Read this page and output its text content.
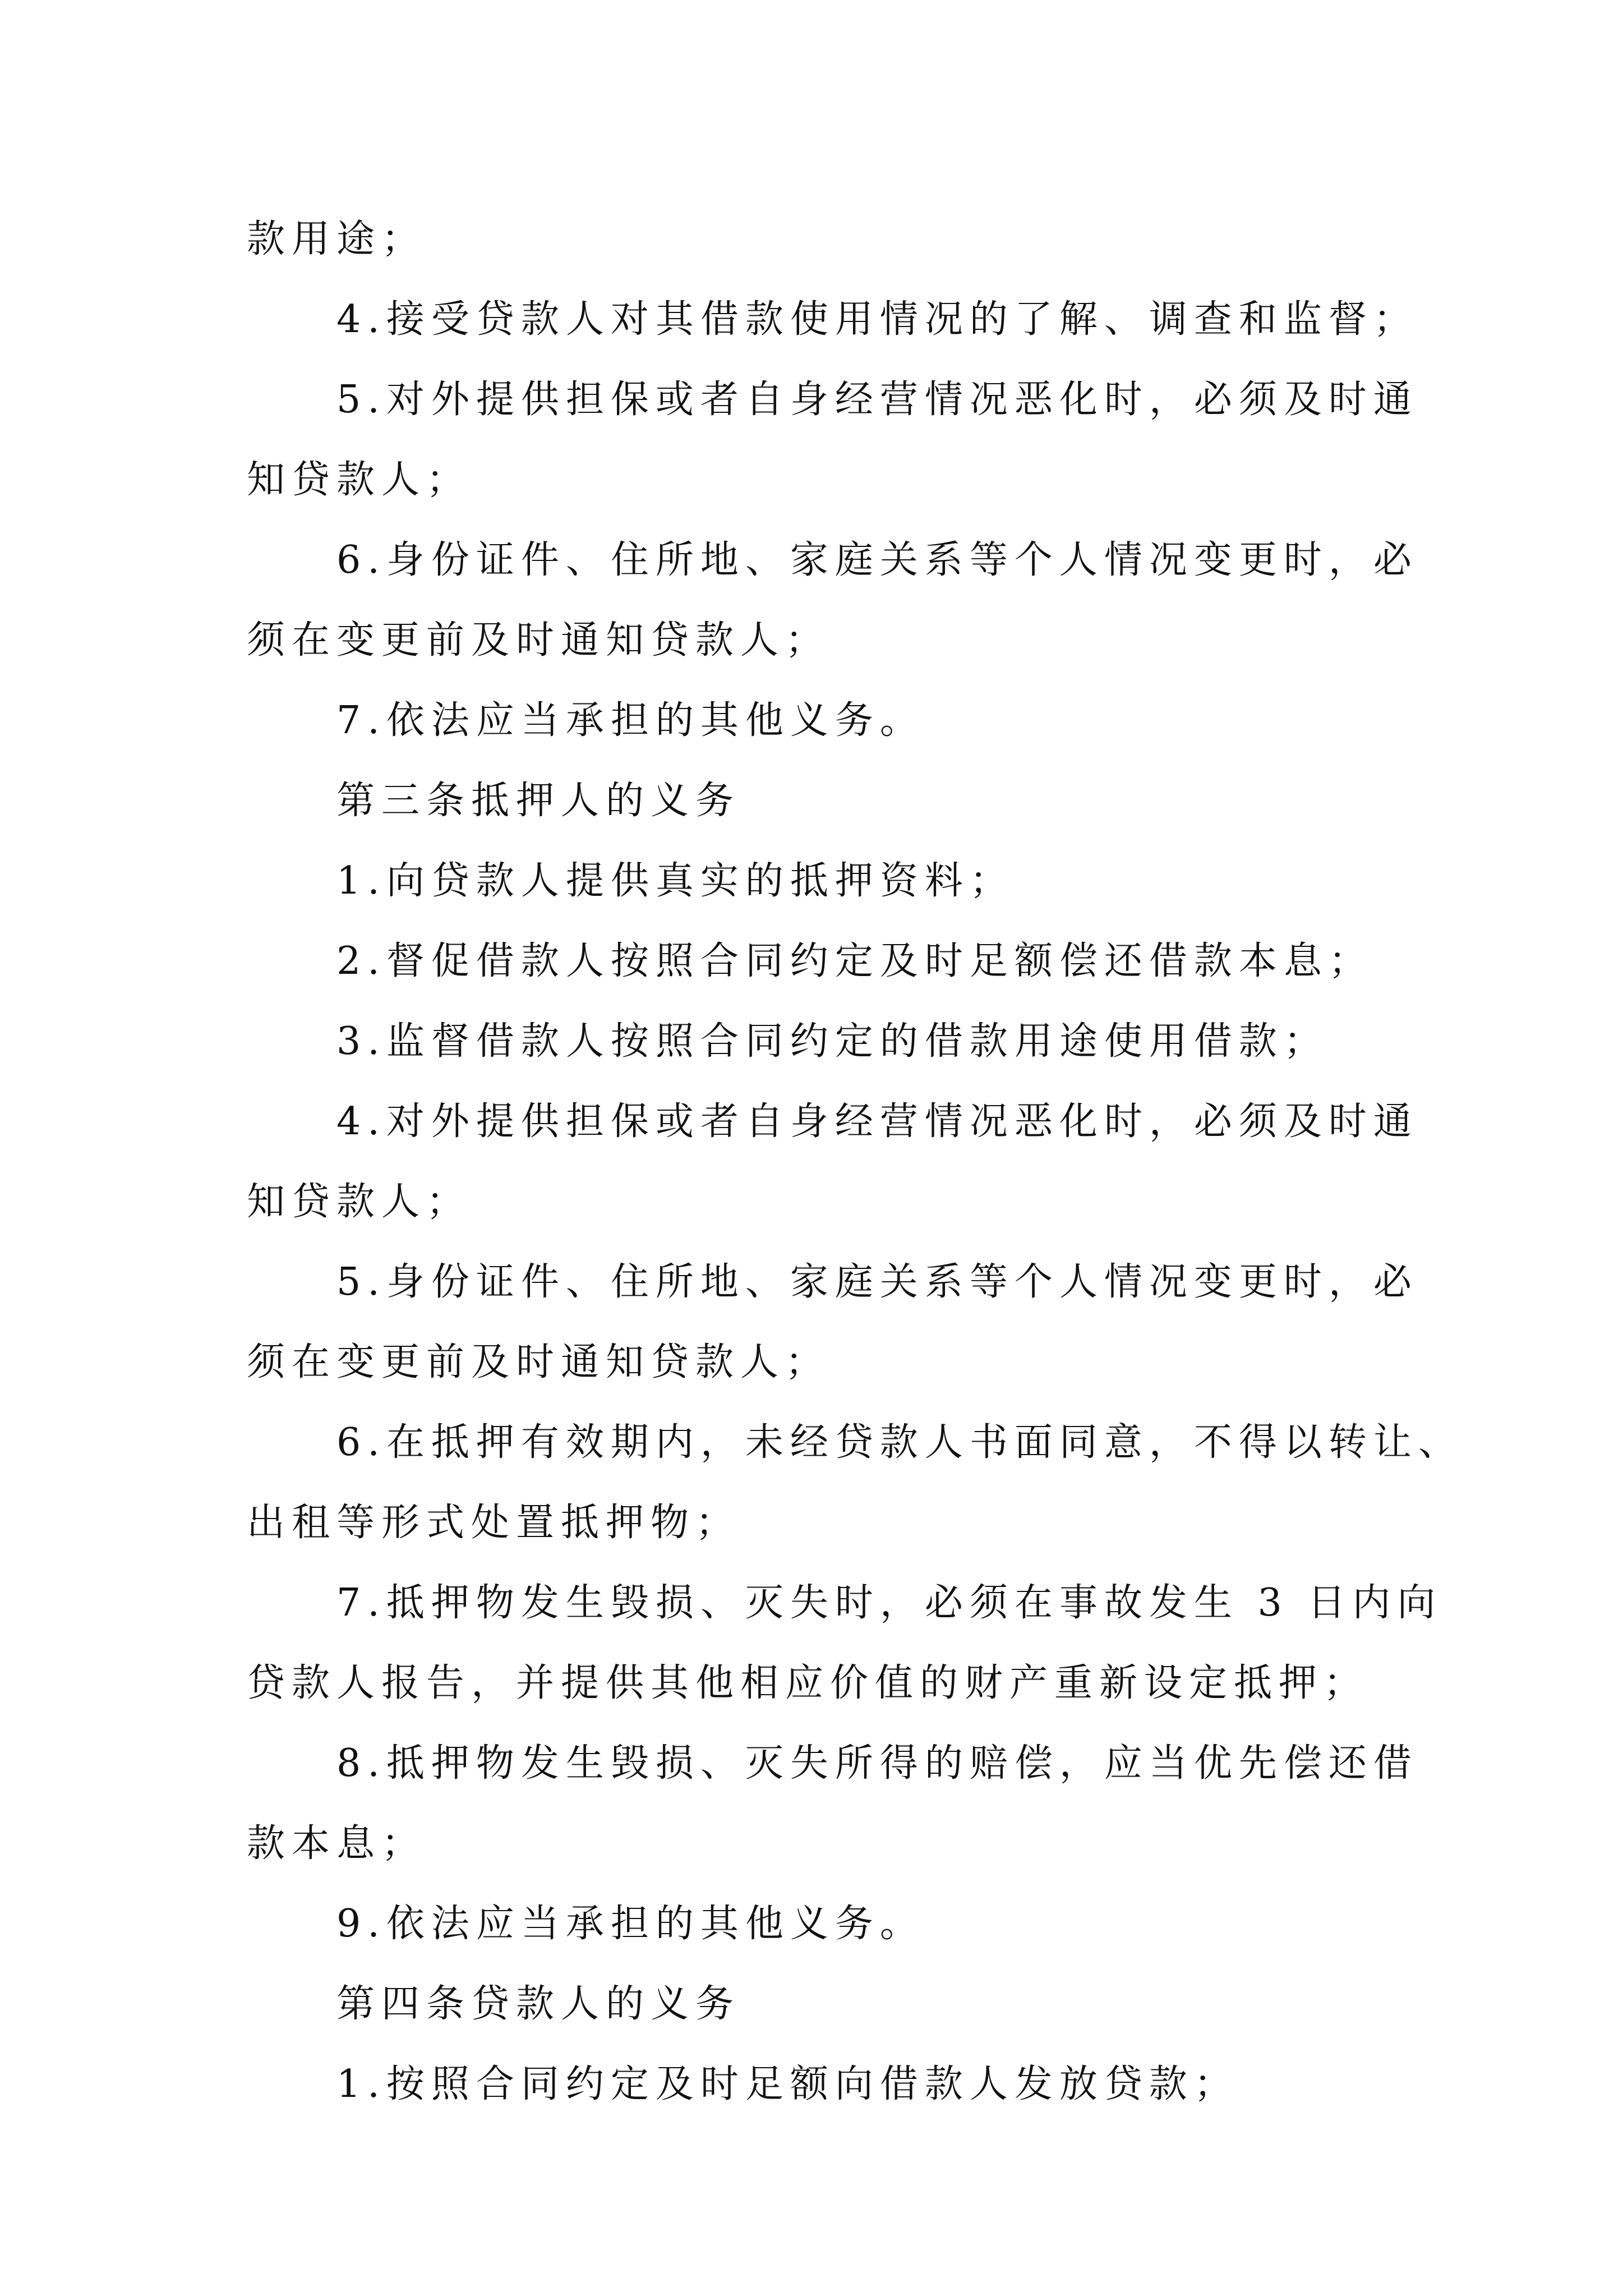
款用途；
4.接受贷款人对其借款使用情况的了解、调查和监督；
5.对外提供担保或者自身经营情况恶化时，必须及时通
知贷款人；
6.身份证件、住所地、家庭关系等个人情况变更时，必
须在变更前及时通知贷款人；
7.依法应当承担的其他义务。
第三条抵押人的义务
1.向贷款人提供真实的抵押资料；
2.督促借款人按照合同约定及时足额偿还借款本息；
3.监督借款人按照合同约定的借款用途使用借款；
4.对外提供担保或者自身经营情况恶化时，必须及时通
知贷款人；
5.身份证件、住所地、家庭关系等个人情况变更时，必
须在变更前及时通知贷款人；
6.在抵押有效期内，未经贷款人书面同意，不得以转让、
出租等形式处置抵押物；
7.抵押物发生毁损、灭失时，必须在事故发生 3 日内向
贷款人报告，并提供其他相应价值的财产重新设定抵押；
8.抵押物发生毁损、灭失所得的赔偿，应当优先偿还借
款本息；
9.依法应当承担的其他义务。
第四条贷款人的义务
1.按照合同约定及时足额向借款人发放贷款；
